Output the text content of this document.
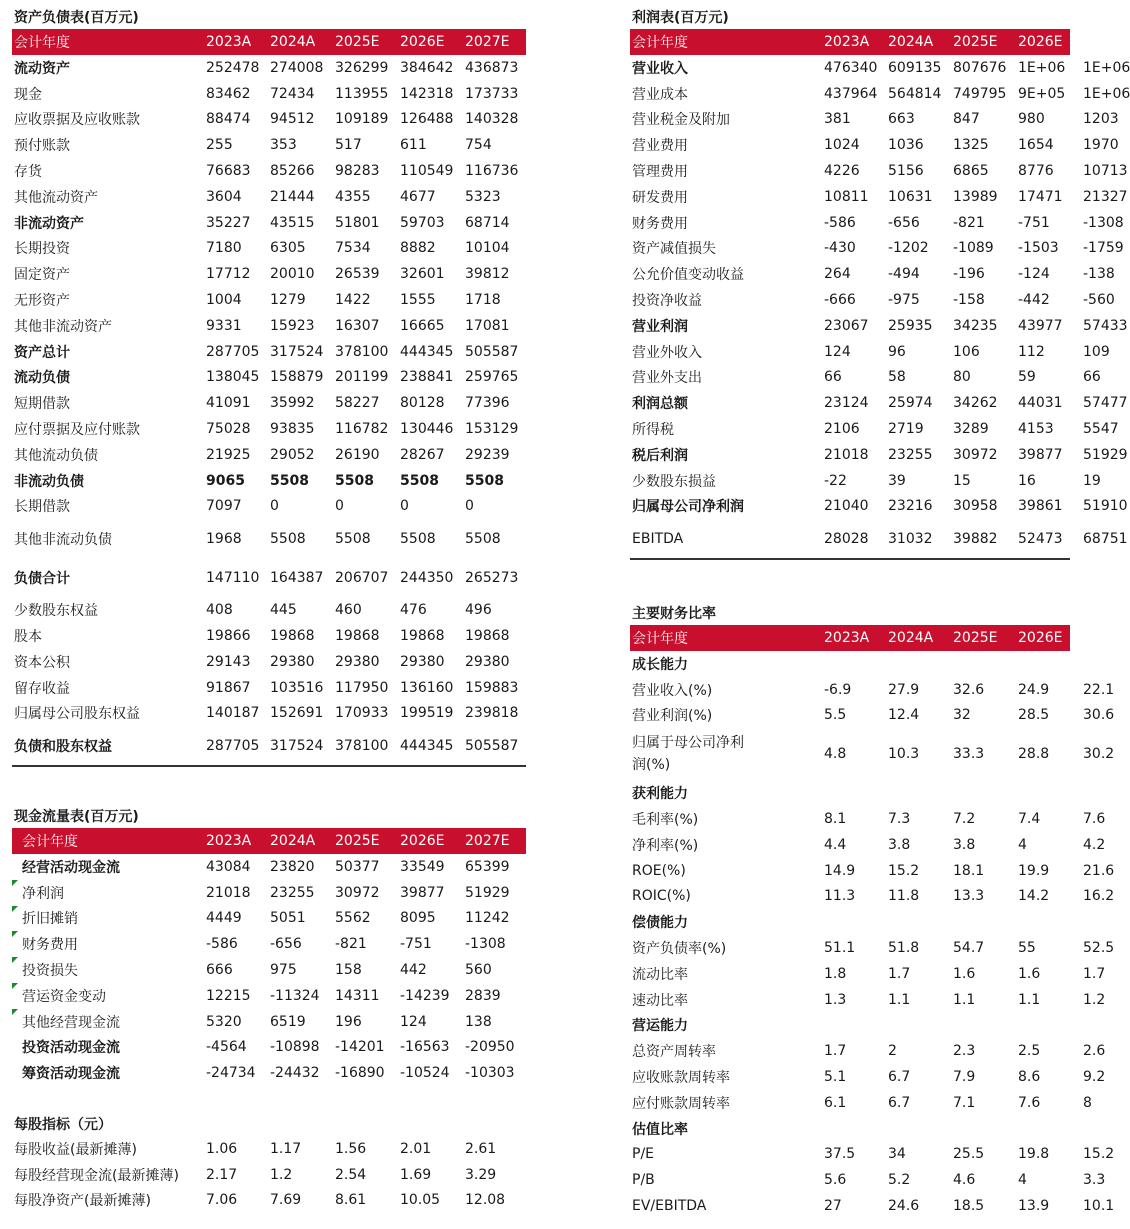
资产负债表(百万元)
会计年度	2023A 2024A 2025E 2026E 2027E
流动资产	252478 274008 326299 384642 436873
现金	83462 72434 113955 142318 173733
应收票据及应收账款	88474 94512 109189 126488 140328
预付账款	255	353	517	611	754
存货	76683 85266 98283 110549 116736
其他流动资产	3604 21444 4355 4677 5323
非流动资产	35227 43515 51801 59703 68714
长期投资	7180 6305 7534 8882 10104
固定资产	17712 20010 26539 32601 39812
无形资产	1004 1279 1422 1555 1718
其他非流动资产	9331 15923 16307 16665 17081
资产总计	287705 317524 378100 444345 505587
流动负债	138045 158879 201199 238841 259765
短期借款	41091 35992 58227 80128 77396
应付票据及应付账款	75028 93835 116782 130446 153129
其他流动负债	21925 29052 26190 28267 29239
非流动负债	9065 5508 5508 5508 5508
长期借款	7097 0	0	0	0
其他非流动负债	1968 5508 5508 5508 5508
负债合计	147110 164387 206707 244350 265273
少数股东权益	408	445	460	476	496
股本	19866 19868 19868 19868 19868
资本公积	29143 29380 29380 29380 29380
留存收益	91867 103516 117950 136160 159883
归属母公司股东权益	140187 152691 170933 199519 239818
负债和股东权益	287705 317524 378100 444345 505587
利润表(百万元)
会计年度	2023A 2024A 2025E 2026E 2027E
营业收入	476340 609135 807676 1E+06 1E+06
营业成本	437964 564814 749795 9E+05 1E+06
营业税金及附加	381	663	847	980	1203
营业费用	1024 1036 1325 1654 1970
管理费用	4226 5156 6865 8776 10713
研发费用	10811 10631 13989 17471 21327
财务费用	-586 -656 -821 -751 -1308
资产减值损失	-430 -1202 -1089 -1503 -1759
公允价值变动收益	264	-494 -196 -124 -138
投资净收益	-666 -975 -158 -442 -560
营业利润	23067 25935 34235 43977 57433
营业外收入	124	96	106	112	109
营业外支出	66	58	80	59	66
利润总额	23124 25974 34262 44031 57477
所得税	2106 2719 3289 4153 5547
税后利润	21018 23255 30972 39877 51929
少数股东损益	-22	39	15	16	19
归属母公司净利润	21040 23216 30958 39861 51910
EBITDA	28028 31032 39882 52473 68751
现金流量表(百万元)
会计年度	2023A 2024A 2025E 2026E 2027E
经营活动现金流	43084 23820 50377 33549 65399
净利润	21018 23255 30972 39877 51929
折旧摊销	4449 5051 5562 8095 11242
财务费用	-586 -656 -821 -751 -1308
投资损失	666	975	158	442	560
营运资金变动	12215 -11324 14311 -14239 2839
其他经营现金流	5320 6519 196	124	138
投资活动现金流	-4564 -10898 -14201 -16563 -20950
筹资活动现金流	-24734 -24432 -16890 -10524 -10303
每股指标（元）
每股收益(最新摊薄)	1.06 1.17 1.56 2.01 2.61
每股经营现金流(最新摊薄) 2.17 1.2	2.54 1.69 3.29
每股净资产(最新摊薄)	7.06 7.69 8.61 10.05 12.08
主要财务比率
会计年度	2023A 2024A 2025E 2026E 2027E
成长能力
营业收入(%)	-6.9	27.9 32.6 24.9 22.1
营业利润(%)	5.5	12.4 32	28.5 30.6
归属于母公司净利润(%)
4.8	10.3 33.3 28.8 30.2
获利能力
毛利率(%)	8.1	7.3	7.2	7.4	7.6
净利率(%)	4.4	3.8	3.8	4	4.2
ROE(%)	14.9 15.2 18.1 19.9 21.6
ROIC(%)	11.3 11.8 13.3 14.2 16.2
偿债能力
资产负债率(%)	51.1 51.8 54.7 55	52.5
流动比率	1.8	1.7	1.6	1.6	1.7
速动比率	1.3	1.1	1.1	1.1	1.2
营运能力
总资产周转率	1.7	2	2.3	2.5	2.6
应收账款周转率	5.1	6.7	7.9	8.6	9.2
应付账款周转率	6.1	6.7	7.1	7.6	8
估值比率
P/E	37.5 34	25.5 19.8 15.2
P/B	5.6	5.2	4.6	4	3.3
EV/EBITDA	27	24.6 18.5 13.9 10.1
